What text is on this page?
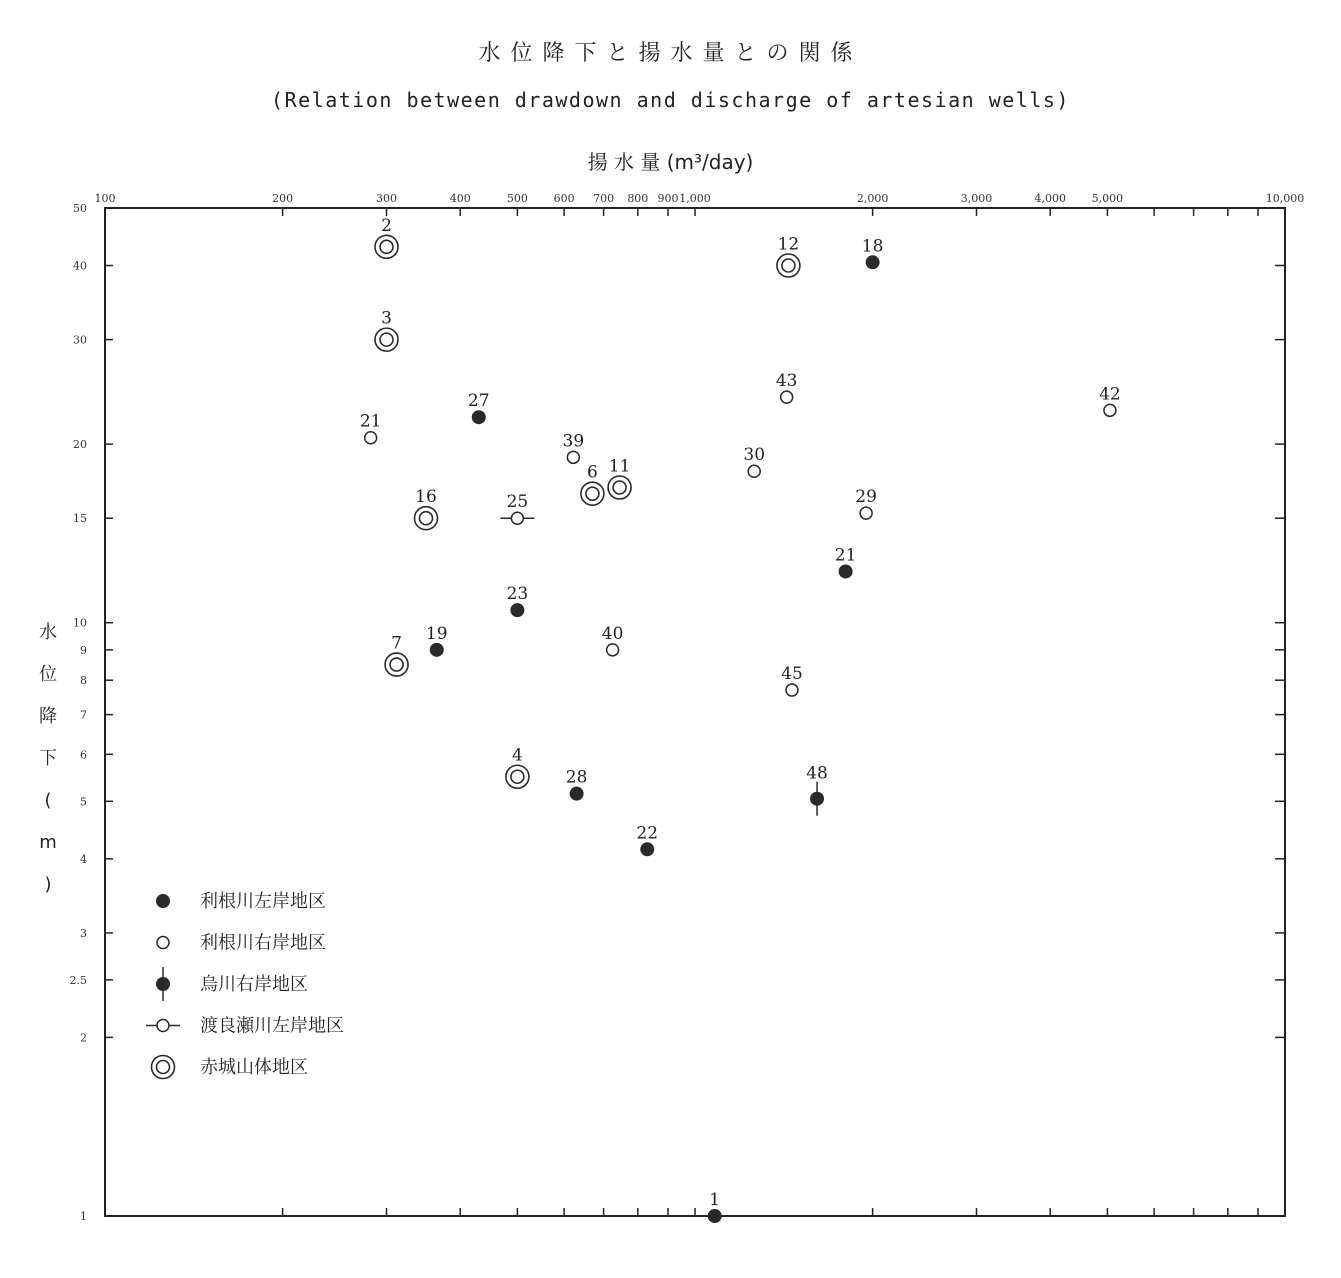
水位降下と揚水量との関係
(Relation between drawdown and discharge of artesian wells)
揚 水 量 (m³/day)
水
位
降
下
(
m
)
100	200	300	400	500 600 700 800 900 1,000	2,000	3,000	4,000 5,000	10,000
1
2
2.5
3
4
5
6
7
8
9
10
15
20
30
40
50
18
27
23
19
21
28
22
1
21
39
30
43
42
29
40
45
48
25
2
3
16
6 11
12
7
4
利根川左岸地区
利根川右岸地区
烏川右岸地区
渡良瀬川左岸地区
赤城山体地区
